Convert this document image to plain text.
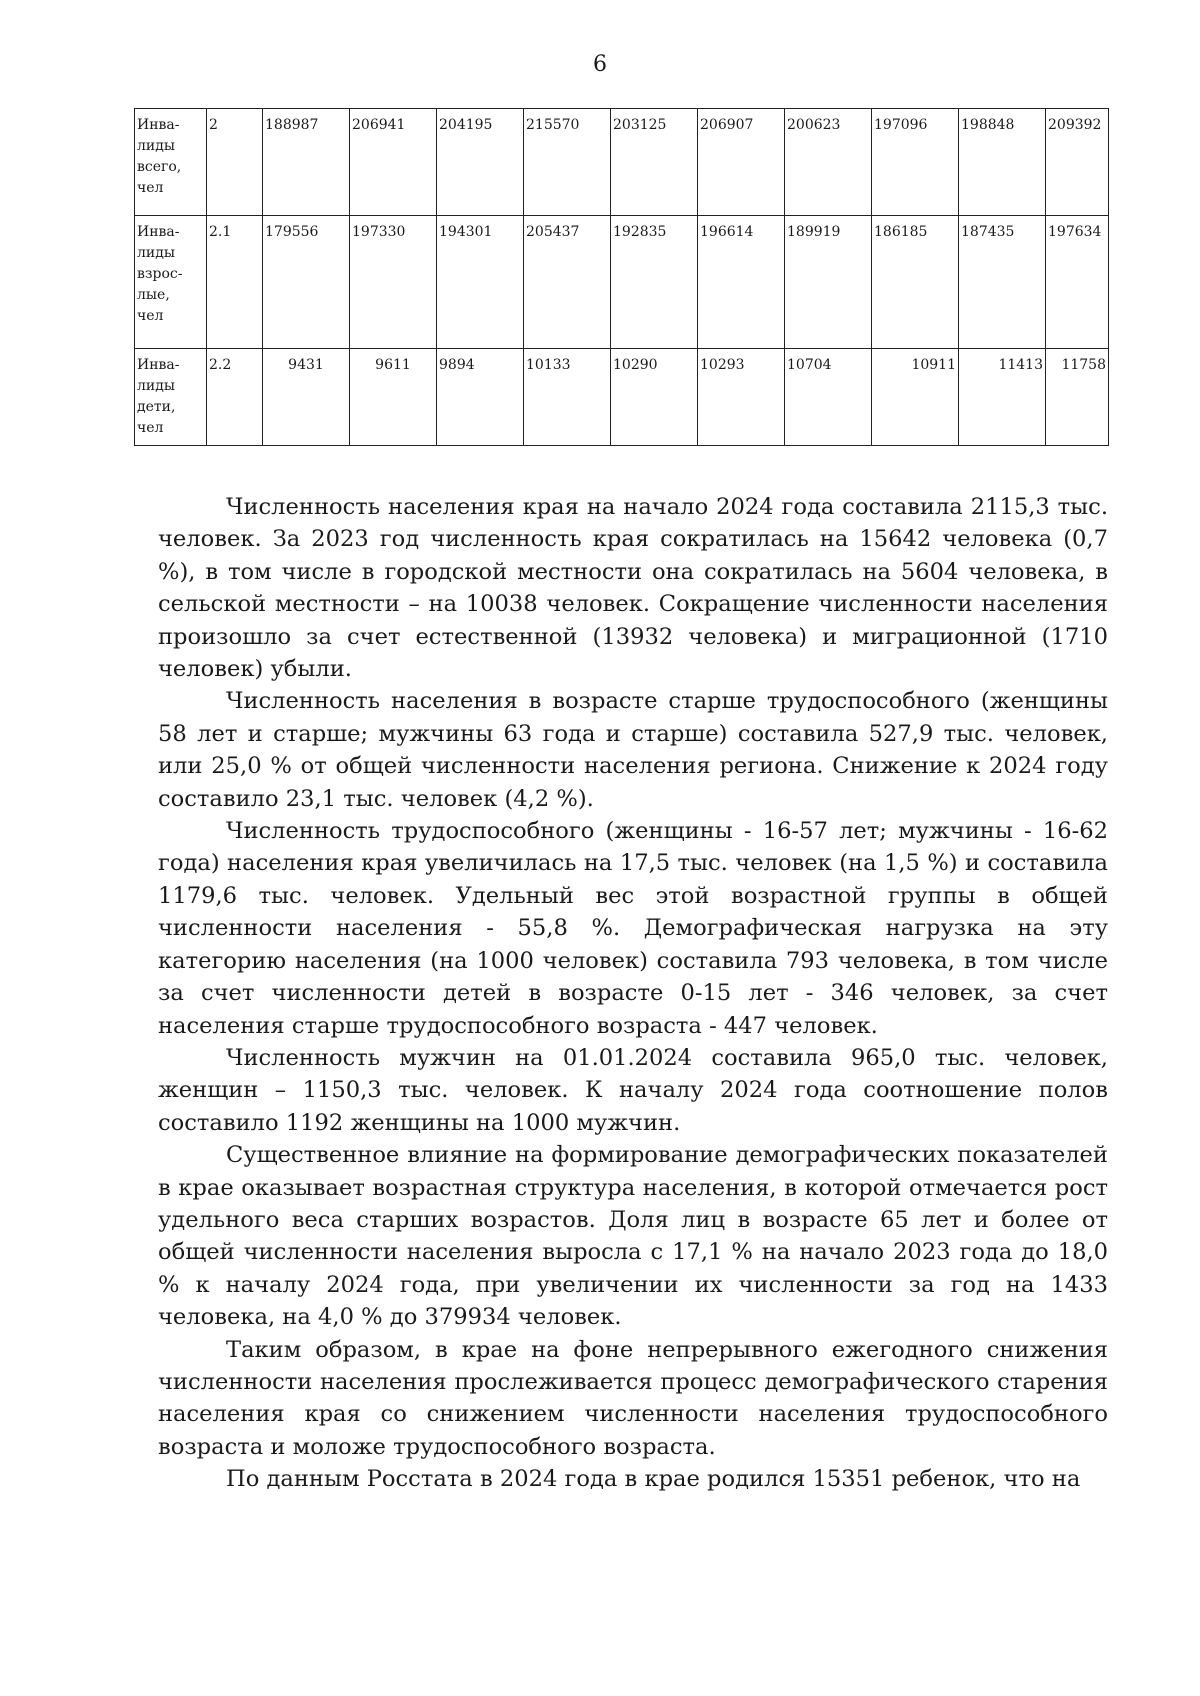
6
Инва-
лиды
всего,
чел	2	188987	206941	204195	215570	203125	206907	200623	197096	198848	209392
Инва-
лиды
взрос-
лые,
чел	2.1	179556	197330	194301	205437	192835	196614	189919	186185	187435	197634
Инва-
лиды
дети,
чел	2.2	9431	9611	9894	10133	10290	10293	10704	10911	11413	11758

Численность населения края на начало 2024 года составила 2115,3 тыс. человек. За 2023 год численность края сократилась на 15642 человека (0,7 %), в том числе в городской местности она сократилась на 5604 человека, в сельской местности – на 10038 человек. Сокращение численности населения произошло за счет естественной (13932 человека) и миграционной (1710 человек) убыли.

Численность населения в возрасте старше трудоспособного (женщины 58 лет и старше; мужчины 63 года и старше) составила 527,9 тыс. человек, или 25,0 % от общей численности населения региона. Снижение к 2024 году составило 23,1 тыс. человек (4,2 %).

Численность трудоспособного (женщины - 16-57 лет; мужчины - 16-62 года) населения края увеличилась на 17,5 тыс. человек (на 1,5 %) и составила 1179,6 тыс. человек. Удельный вес этой возрастной группы в общей численности населения - 55,8 %. Демографическая нагрузка на эту категорию населения (на 1000 человек) составила 793 человека, в том числе за счет численности детей в возрасте 0-15 лет - 346 человек, за счет населения старше трудоспособного возраста - 447 человек.

Численность мужчин на 01.01.2024 составила 965,0 тыс. человек, женщин – 1150,3 тыс. человек. К началу 2024 года соотношение полов составило 1192 женщины на 1000 мужчин.

Существенное влияние на формирование демографических показателей в крае оказывает возрастная структура населения, в которой отмечается рост удельного веса старших возрастов. Доля лиц в возрасте 65 лет и более от общей численности населения выросла с 17,1 % на начало 2023 года до 18,0 % к началу 2024 года, при увеличении их численности за год на 1433 человека, на 4,0 % до 379934 человек.

Таким образом, в крае на фоне непрерывного ежегодного снижения численности населения прослеживается процесс демографического старения населения края со снижением численности населения трудоспособного возраста и моложе трудоспособного возраста.

По данным Росстата в 2024 года в крае родился 15351 ребенок, что на
